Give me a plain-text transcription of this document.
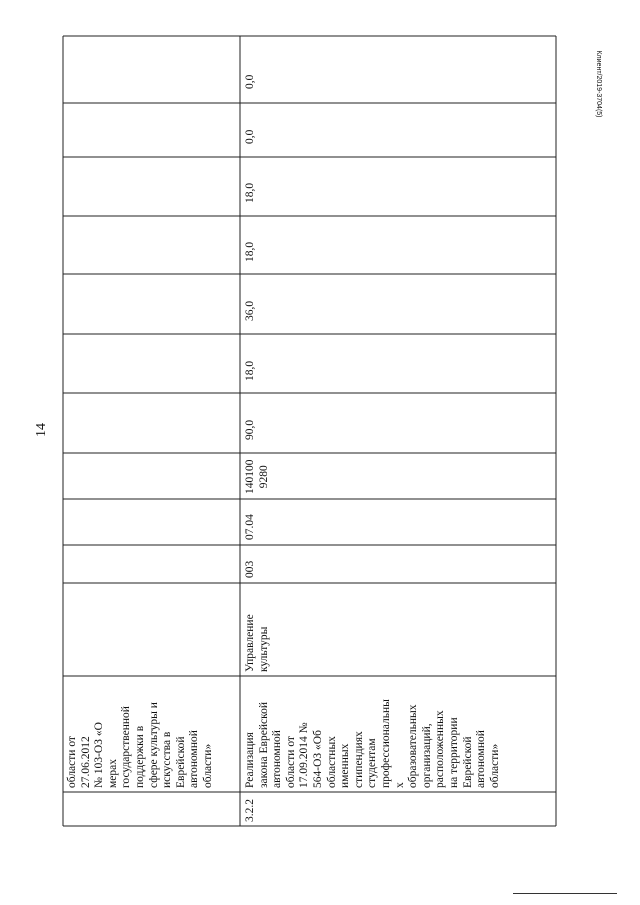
14
Клиент/2019-3704(5)
области от 27.06.2012 № 103-ОЗ «О мерах государственной поддержки в сфере культуры и искусства в Еврейской автономной области»
3.2.2
Реализация закона Еврейской автономной области от 17.09.2014 № 564-ОЗ «Об областных именных стипендиях студентам профессиональны х образовательных организаций, расположенных на территории Еврейской автономной области»
Управление культуры
003
07.04
140100 9280
90,0
18,0
36,0
18,0
18,0
0,0
0,0
